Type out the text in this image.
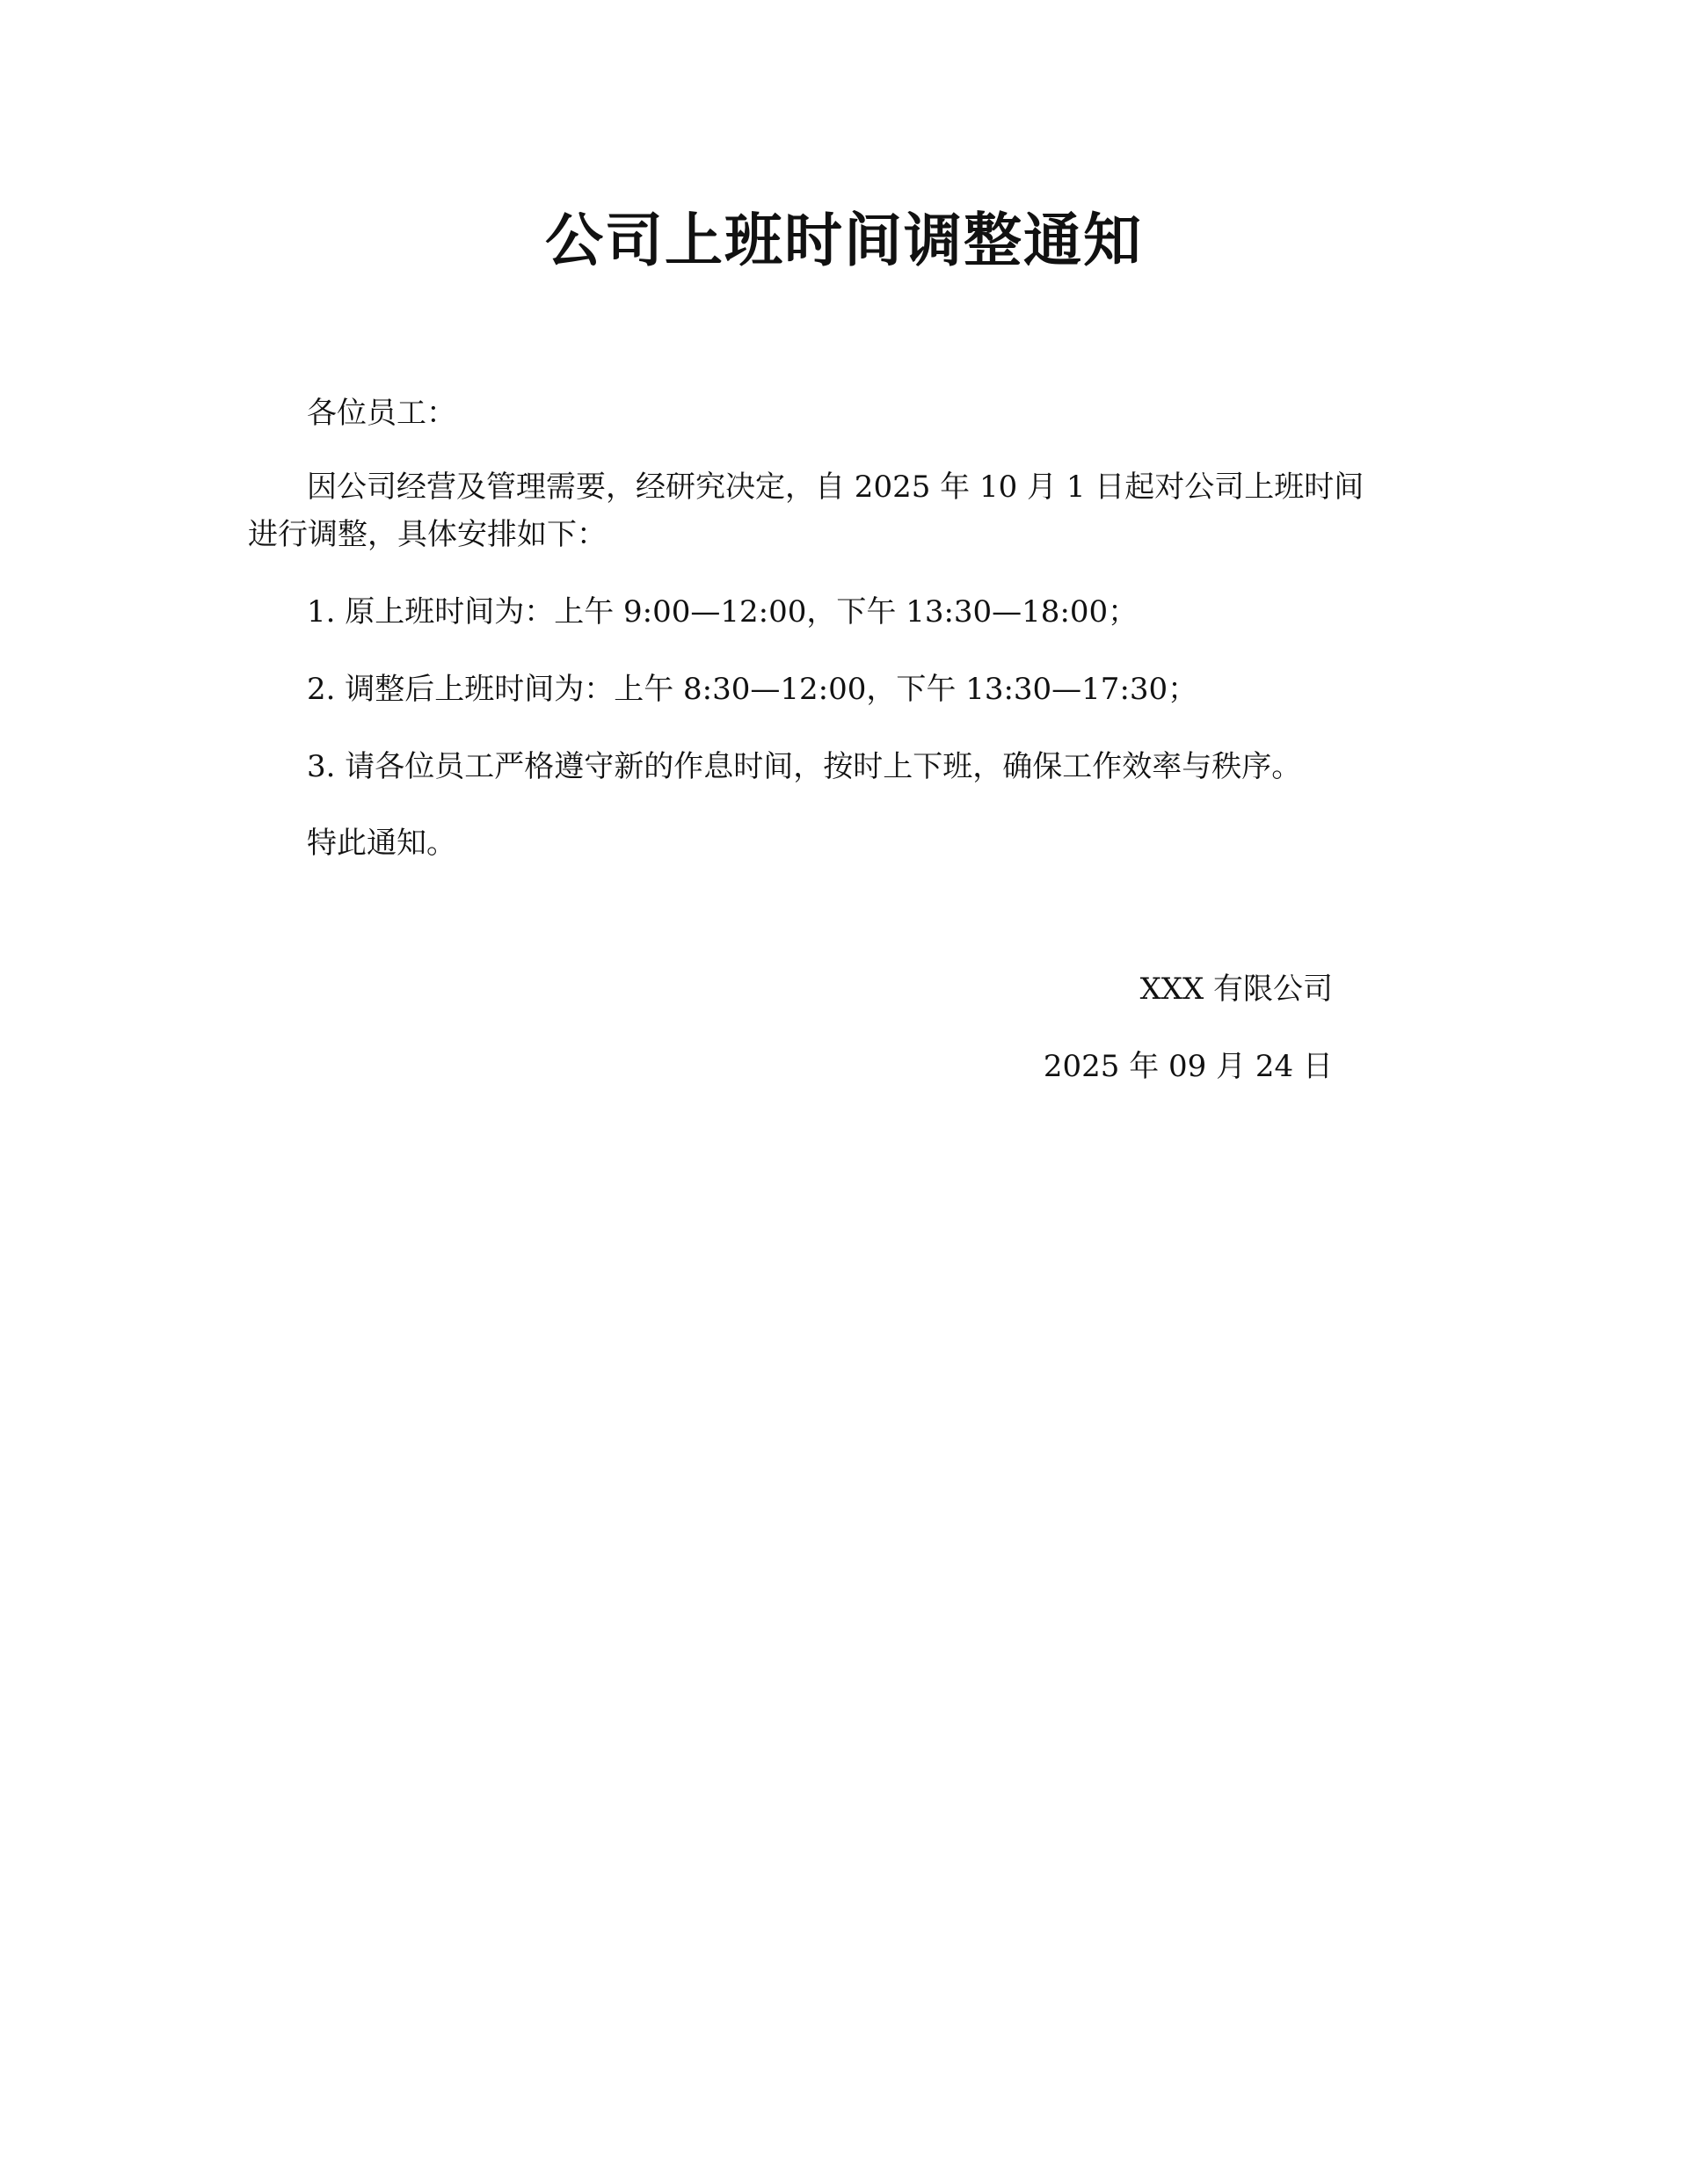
公司上班时间调整通知
各位员工：
因公司经营及管理需要，经研究决定，自 2025 年 10 月 1 日起对公司上班时间
进行调整，具体安排如下：
1. 原上班时间为：上午 9:00—12:00，下午 13:30—18:00；
2. 调整后上班时间为：上午 8:30—12:00，下午 13:30—17:30；
3. 请各位员工严格遵守新的作息时间，按时上下班，确保工作效率与秩序。
特此通知。
XXX 有限公司
2025 年 09 月 24 日
